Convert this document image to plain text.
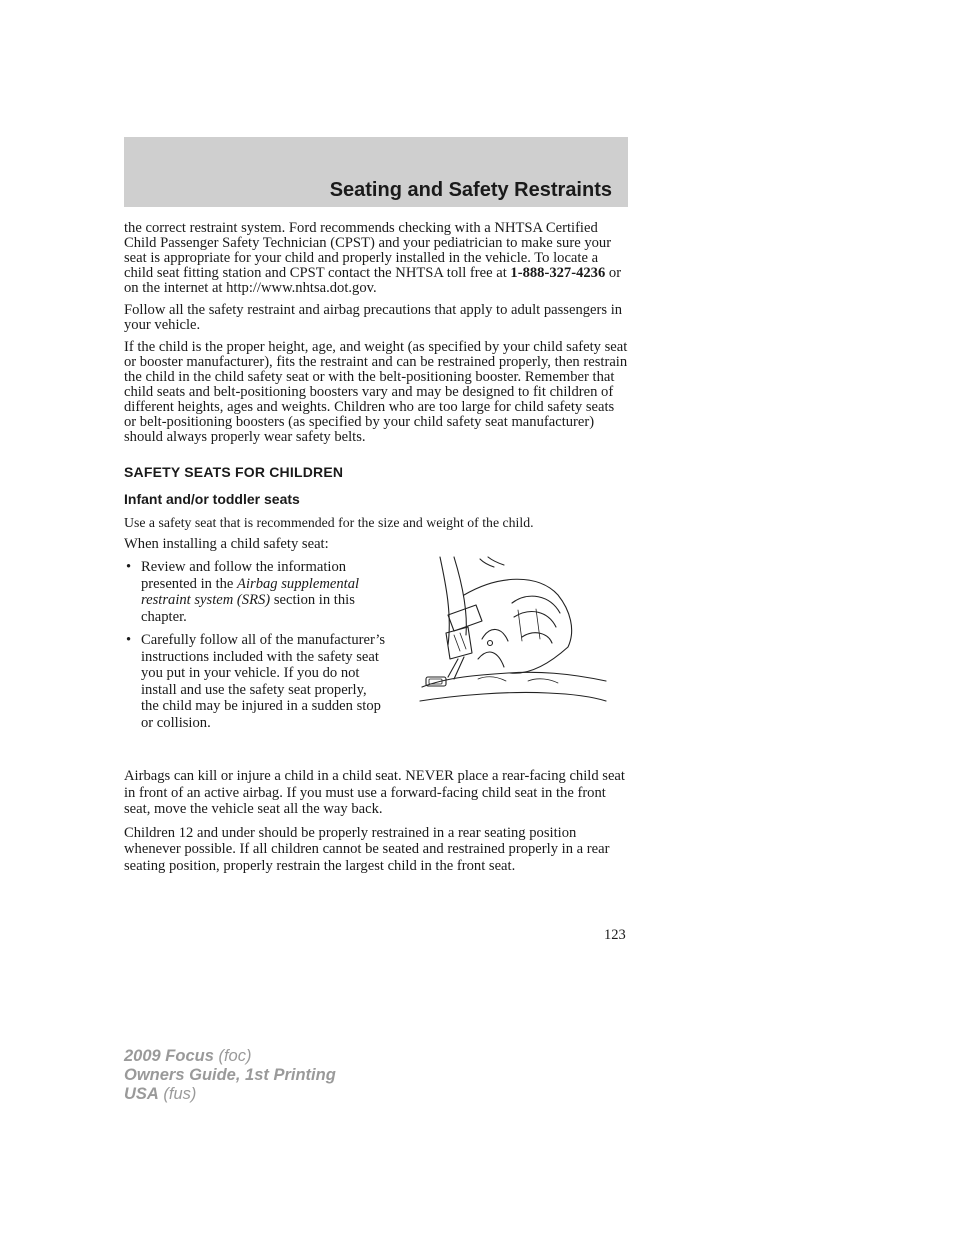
Seating and Safety Restraints

the correct restraint system. Ford recommends checking with a NHTSA Certified Child Passenger Safety Technician (CPST) and your pediatrician to make sure your seat is appropriate for your child and properly installed in the vehicle. To locate a child seat fitting station and CPST contact the NHTSA toll free at 1-888-327-4236 or on the internet at http://www.nhtsa.dot.gov.

Follow all the safety restraint and airbag precautions that apply to adult passengers in your vehicle.

If the child is the proper height, age, and weight (as specified by your child safety seat or booster manufacturer), fits the restraint and can be restrained properly, then restrain the child in the child safety seat or with the belt-positioning booster. Remember that child seats and belt-positioning boosters vary and may be designed to fit children of different heights, ages and weights. Children who are too large for child safety seats or belt-positioning boosters (as specified by your child safety seat manufacturer) should always properly wear safety belts.

SAFETY SEATS FOR CHILDREN
Infant and/or toddler seats

Use a safety seat that is recommended for the size and weight of the child.

When installing a child safety seat:

• Review and follow the information presented in the Airbag supplemental restraint system (SRS) section in this chapter.
• Carefully follow all of the manufacturer’s instructions included with the safety seat you put in your vehicle. If you do not install and use the safety seat properly, the child may be injured in a sudden stop or collision.

Airbags can kill or injure a child in a child seat. NEVER place a rear-facing child seat in front of an active airbag. If you must use a forward-facing child seat in the front seat, move the vehicle seat all the way back.

Children 12 and under should be properly restrained in a rear seating position whenever possible. If all children cannot be seated and restrained properly in a rear seating position, properly restrain the largest child in the front seat.

123
2009 Focus (foc)
Owners Guide, 1st Printing
USA (fus)
